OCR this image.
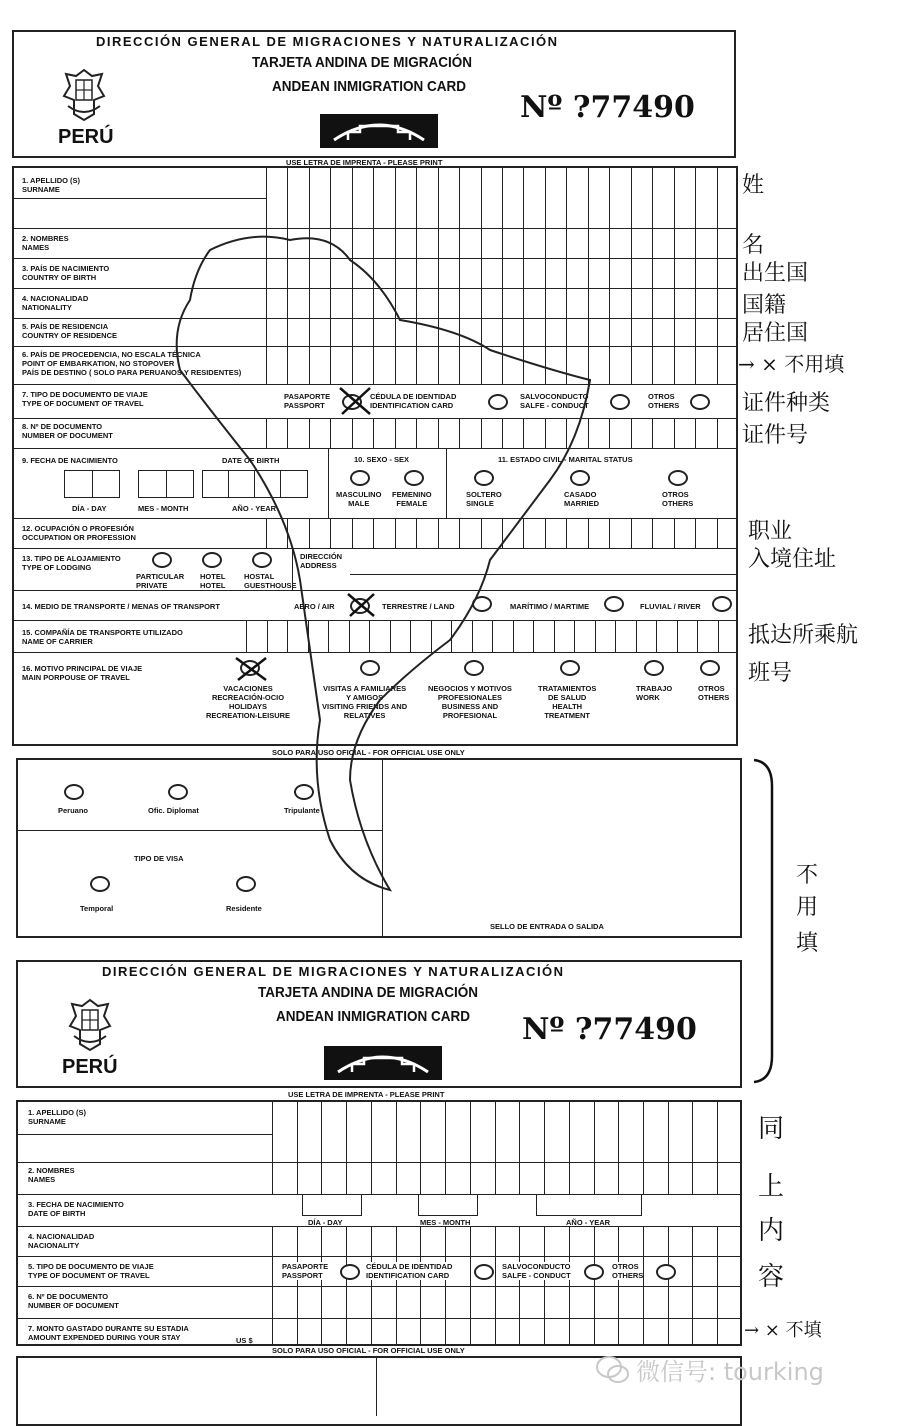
DIRECCIÓN GENERAL DE MIGRACIONES Y NATURALIZACIÓN
TARJETA ANDINA DE MIGRACIÓN
ANDEAN INMIGRATION CARD
PERÚ
Nº ?77490
USE LETRA DE IMPRENTA - PLEASE PRINT
1. APELLIDO (S)
SURNAME
2. NOMBRES
NAMES
3. PAÍS DE NACIMIENTO
COUNTRY OF BIRTH
4. NACIONALIDAD
NATIONALITY
5. PAÍS DE RESIDENCIA
COUNTRY OF RESIDENCE
6. PAÍS DE PROCEDENCIA, NO ESCALA TÉCNICA
POINT OF EMBARKATION, NO STOPOVER
PAÍS DE DESTINO ( SOLO PARA PERUANOS Y RESIDENTES)
7. TIPO DE DOCUMENTO DE VIAJE
TYPE OF DOCUMENT OF TRAVEL
8. Nº DE DOCUMENTO
NUMBER OF DOCUMENT
PASAPORTE
PASSPORT
CÉDULA DE IDENTIDAD
IDENTIFICATION CARD
SALVOCONDUCTO
SALFE - CONDUCT
OTROS
OTHERS
9. FECHA DE NACIMIENTO	DATE OF BIRTH
DÍA - DAY	MES - MONTH	AÑO - YEAR
10. SEXO - SEX
MASCULINO
MALE
FEMENINO
FEMALE
11. ESTADO CIVIL - MARITAL STATUS
SOLTERO
SINGLE
CASADO
MARRIED
OTROS
OTHERS
12. OCUPACIÓN O PROFESIÓN
OCCUPATION OR PROFESSION
13. TIPO DE ALOJAMIENTO
TYPE OF LODGING
PARTICULAR
PRIVATE
HOTEL
HOTEL
HOSTAL
GUESTHOUSE
DIRECCIÓN
ADDRESS
14. MEDIO DE TRANSPORTE / MENAS OF TRANSPORT	AERO / AIR	TERRESTRE / LAND	MARÍTIMO / MARTIME	FLUVIAL / RIVER
15. COMPAÑÍA DE TRANSPORTE UTILIZADO
NAME OF CARRIER
16. MOTIVO PRINCIPAL DE VIAJE
MAIN PORPOUSE OF TRAVEL
VACACIONES
RECREACIÓN-OCIO
HOLIDAYS
RECREATION-LEISURE
VISITAS A FAMILIARES
Y AMIGOS
VISITING FRIENDS AND
RELATIVES
NEGOCIOS Y MOTIVOS
PROFESIONALES
BUSINESS AND
PROFESIONAL
TRATAMIENTOS
DE SALUD
HEALTH
TREATMENT
TRABAJO
WORK
OTROS
OTHERS
SOLO PARA USO OFICIAL - FOR OFFICIAL USE ONLY
Peruano	Ofic. Diplomat	Tripulante
TIPO DE VISA
Temporal	Residente
SELLO DE ENTRADA O SALIDA
DIRECCIÓN GENERAL DE MIGRACIONES Y NATURALIZACIÓN
TARJETA ANDINA DE MIGRACIÓN
ANDEAN INMIGRATION CARD
PERÚ
Nº ?77490
USE LETRA DE IMPRENTA - PLEASE PRINT
1. APELLIDO (S)
SURNAME
2. NOMBRES
NAMES
3. FECHA DE NACIMIENTO
DATE OF BIRTH
DÍA - DAY	MES - MONTH	AÑO - YEAR
4. NACIONALIDAD
NACIONALITY
5. TIPO DE DOCUMENTO DE VIAJE
TYPE OF DOCUMENT OF TRAVEL
PASAPORTE
PASSPORT
CÉDULA DE IDENTIDAD
IDENTIFICATION CARD
SALVOCONDUCTO
SALFE - CONDUCT
OTROS
OTHERS
6. Nº DE DOCUMENTO
NUMBER OF DOCUMENT
7. MONTO GASTADO DURANTE SU ESTADIA
AMOUNT EXPENDED DURING YOUR STAY	US $
SOLO PARA USO OFICIAL - FOR OFFICIAL USE ONLY
姓
名
出生国
国籍
居住国
→ × 不用填
证件种类
证件号
职业
入境住址
抵达所乘航
班号
不
用
填
同
上
内
容
→ × 不填
微信号: tourking
